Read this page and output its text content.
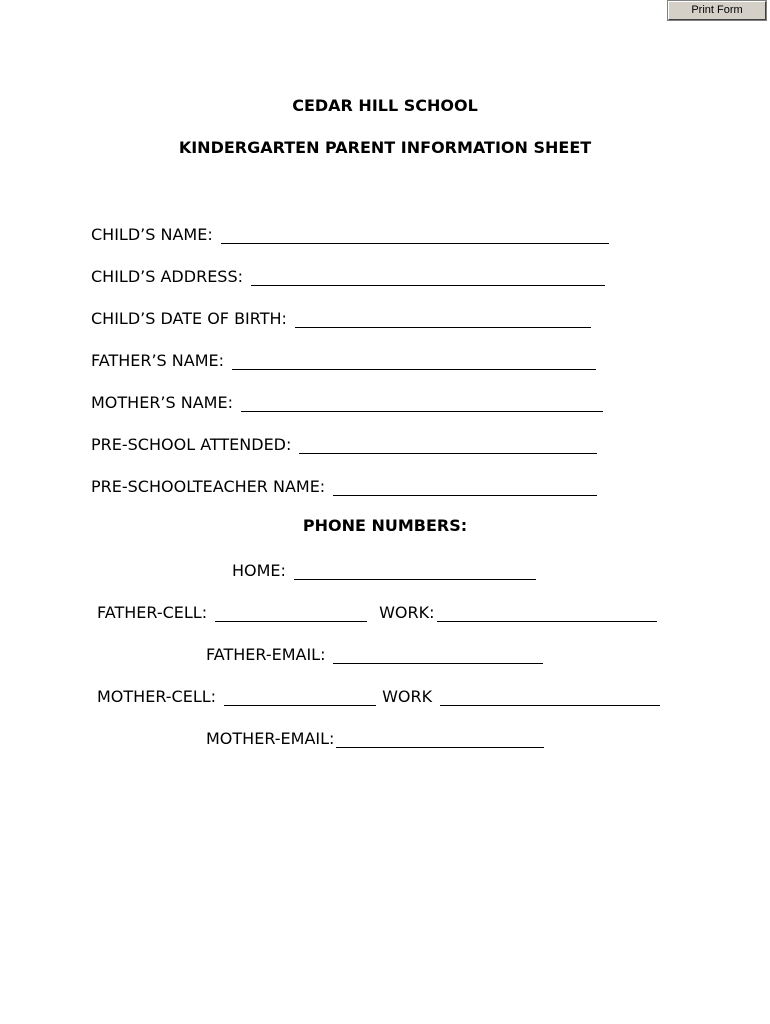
Print Form
CEDAR HILL SCHOOL
KINDERGARTEN PARENT INFORMATION SHEET
CHILD’S NAME:
CHILD’S ADDRESS:
CHILD’S DATE OF BIRTH:
FATHER’S NAME:
MOTHER’S NAME:
PRE-SCHOOL ATTENDED:
PRE-SCHOOLTEACHER NAME:
PHONE NUMBERS:
HOME:
FATHER-CELL:	WORK:
FATHER-EMAIL:
MOTHER-CELL:	WORK
MOTHER-EMAIL:
